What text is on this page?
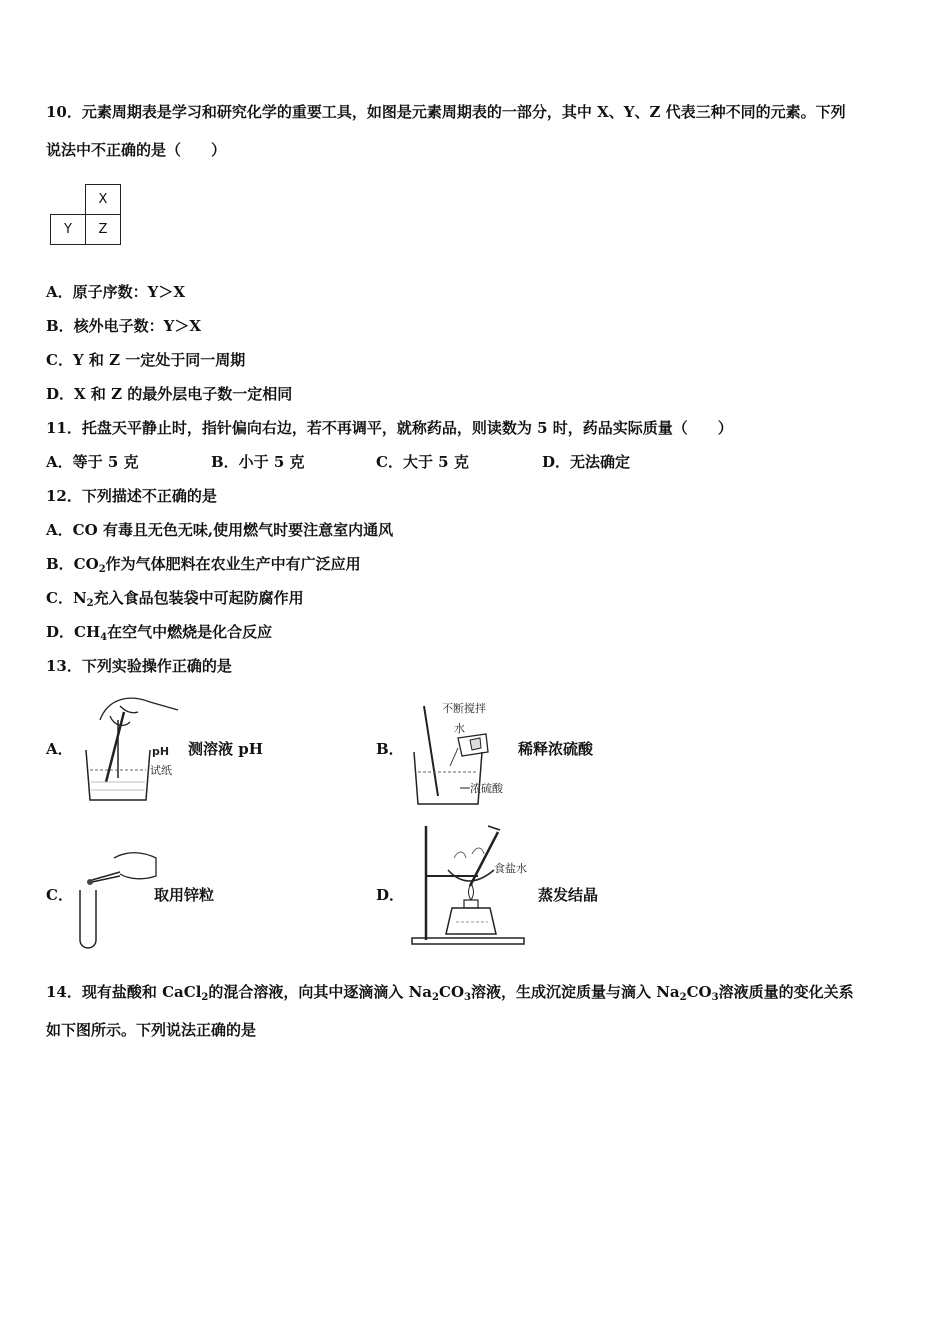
10．元素周期表是学习和研究化学的重要工具，如图是元素周期表的一部分，其中 X、Y、Z 代表三种不同的元素。下列
说法中不正确的是（　　）
	X
Y	Z
A．原子序数：Y＞X
B．核外电子数：Y＞X
C．Y 和 Z 一定处于同一周期
D．X 和 Z 的最外层电子数一定相同
11．托盘天平静止时，指针偏向右边，若不再调平，就称药品，则读数为 5 时，药品实际质量（　　）
A．等于 5 克	B．小于 5 克	C．大于 5 克	D．无法确定
12．下列描述不正确的是
A．CO 有毒且无色无味,使用燃气时要注意室内通风
B．$CO_2$作为气体肥料在农业生产中有广泛应用
C．$N_2$充入食品包装袋中可起防腐作用
D．$CH_4$在空气中燃烧是化合反应
13．下列实验操作正确的是
A．	pH
试纸
测溶液 pH	B．
不断搅拌
水
浓硫酸
稀释浓硫酸
C．	取用锌粒	D．
食盐水
蒸发结晶
14．现有盐酸和 CaCl$_2$的混合溶液，向其中逐滴滴入 $Na_2CO_3$溶液，生成沉淀质量与滴入 $Na_2CO_3$溶液质量的变化关系
如下图所示。下列说法正确的是
